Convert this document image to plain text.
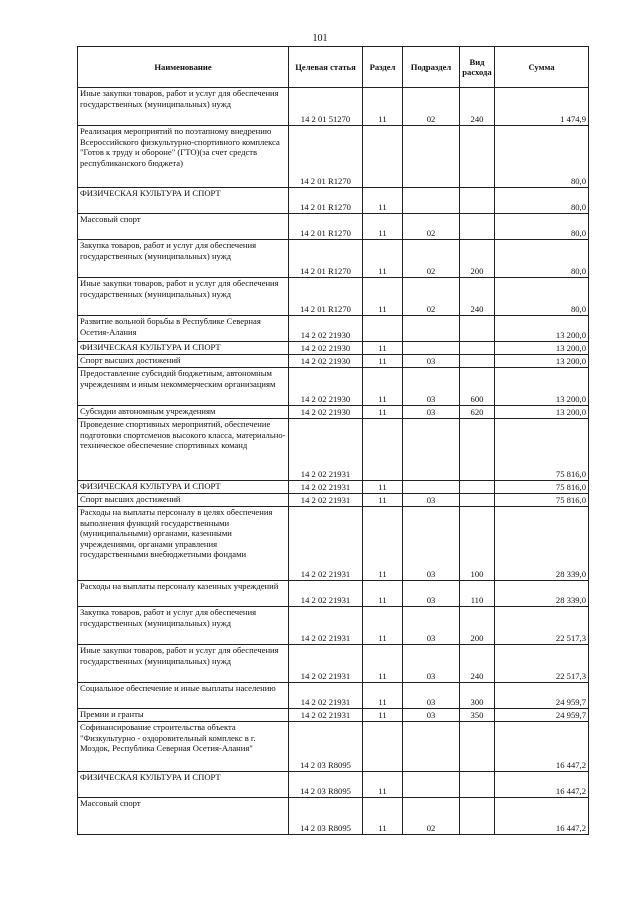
101
Наименование	Целевая статья	Раздел	Подраздел	Вид расхода	Сумма
Иные закупки товаров, работ и услуг для обеспечения государственных (муниципальных) нужд	14 2 01 51270	11	02	240	1 474,9
Реализация мероприятий по поэтапному внедрению Всероссийского физкультурно-спортивного комплекса "Готов к труду и обороне" (ГТО)(за счет средств республиканского бюджета)	14 2 01 R1270				80,0
ФИЗИЧЕСКАЯ КУЛЬТУРА И СПОРТ	14 2 01 R1270	11			80,0
Массовый спорт	14 2 01 R1270	11	02		80,0
Закупка товаров, работ и услуг для обеспечения государственных (муниципальных) нужд	14 2 01 R1270	11	02	200	80,0
Иные закупки товаров, работ и услуг для обеспечения государственных (муниципальных) нужд	14 2 01 R1270	11	02	240	80,0
Развитие вольной борьбы в Республике Северная Осетия-Алания	14 2 02 21930				13 200,0
ФИЗИЧЕСКАЯ КУЛЬТУРА И СПОРТ	14 2 02 21930	11			13 200,0
Спорт высших достижений	14 2 02 21930	11	03		13 200,0
Предоставление субсидий бюджетным, автономным учреждениям и иным некоммерческим организациям	14 2 02 21930	11	03	600	13 200,0
Субсидии автономным учреждениям	14 2 02 21930	11	03	620	13 200,0
Проведение спортивных мероприятий, обеспечение подготовки спортсменов высокого класса, материально-техническое обеспечение спортивных команд	14 2 02 21931				75 816,0
ФИЗИЧЕСКАЯ КУЛЬТУРА И СПОРТ	14 2 02 21931	11			75 816,0
Спорт высших достижений	14 2 02 21931	11	03		75 816,0
Расходы на выплаты персоналу в целях обеспечения выполнения функций государственными (муниципальными) органами, казенными учреждениями, органами управления государственными внебюджетными фондами	14 2 02 21931	11	03	100	28 339,0
Расходы на выплаты персоналу казенных учреждений	14 2 02 21931	11	03	110	28 339,0
Закупка товаров, работ и услуг для обеспечения государственных (муниципальных) нужд	14 2 02 21931	11	03	200	22 517,3
Иные закупки товаров, работ и услуг для обеспечения государственных (муниципальных) нужд	14 2 02 21931	11	03	240	22 517,3
Социальное обеспечение и иные выплаты населению	14 2 02 21931	11	03	300	24 959,7
Премии и гранты	14 2 02 21931	11	03	350	24 959,7
Софинансирование строительства объекта "Физкультурно - оздоровительный комплекс в г. Моздок, Республика Северная Осетия-Алания"	14 2 03 R8095				16 447,2
ФИЗИЧЕСКАЯ КУЛЬТУРА И СПОРТ	14 2 03 R8095	11			16 447,2
Массовый спорт	14 2 03 R8095	11	02		16 447,2
